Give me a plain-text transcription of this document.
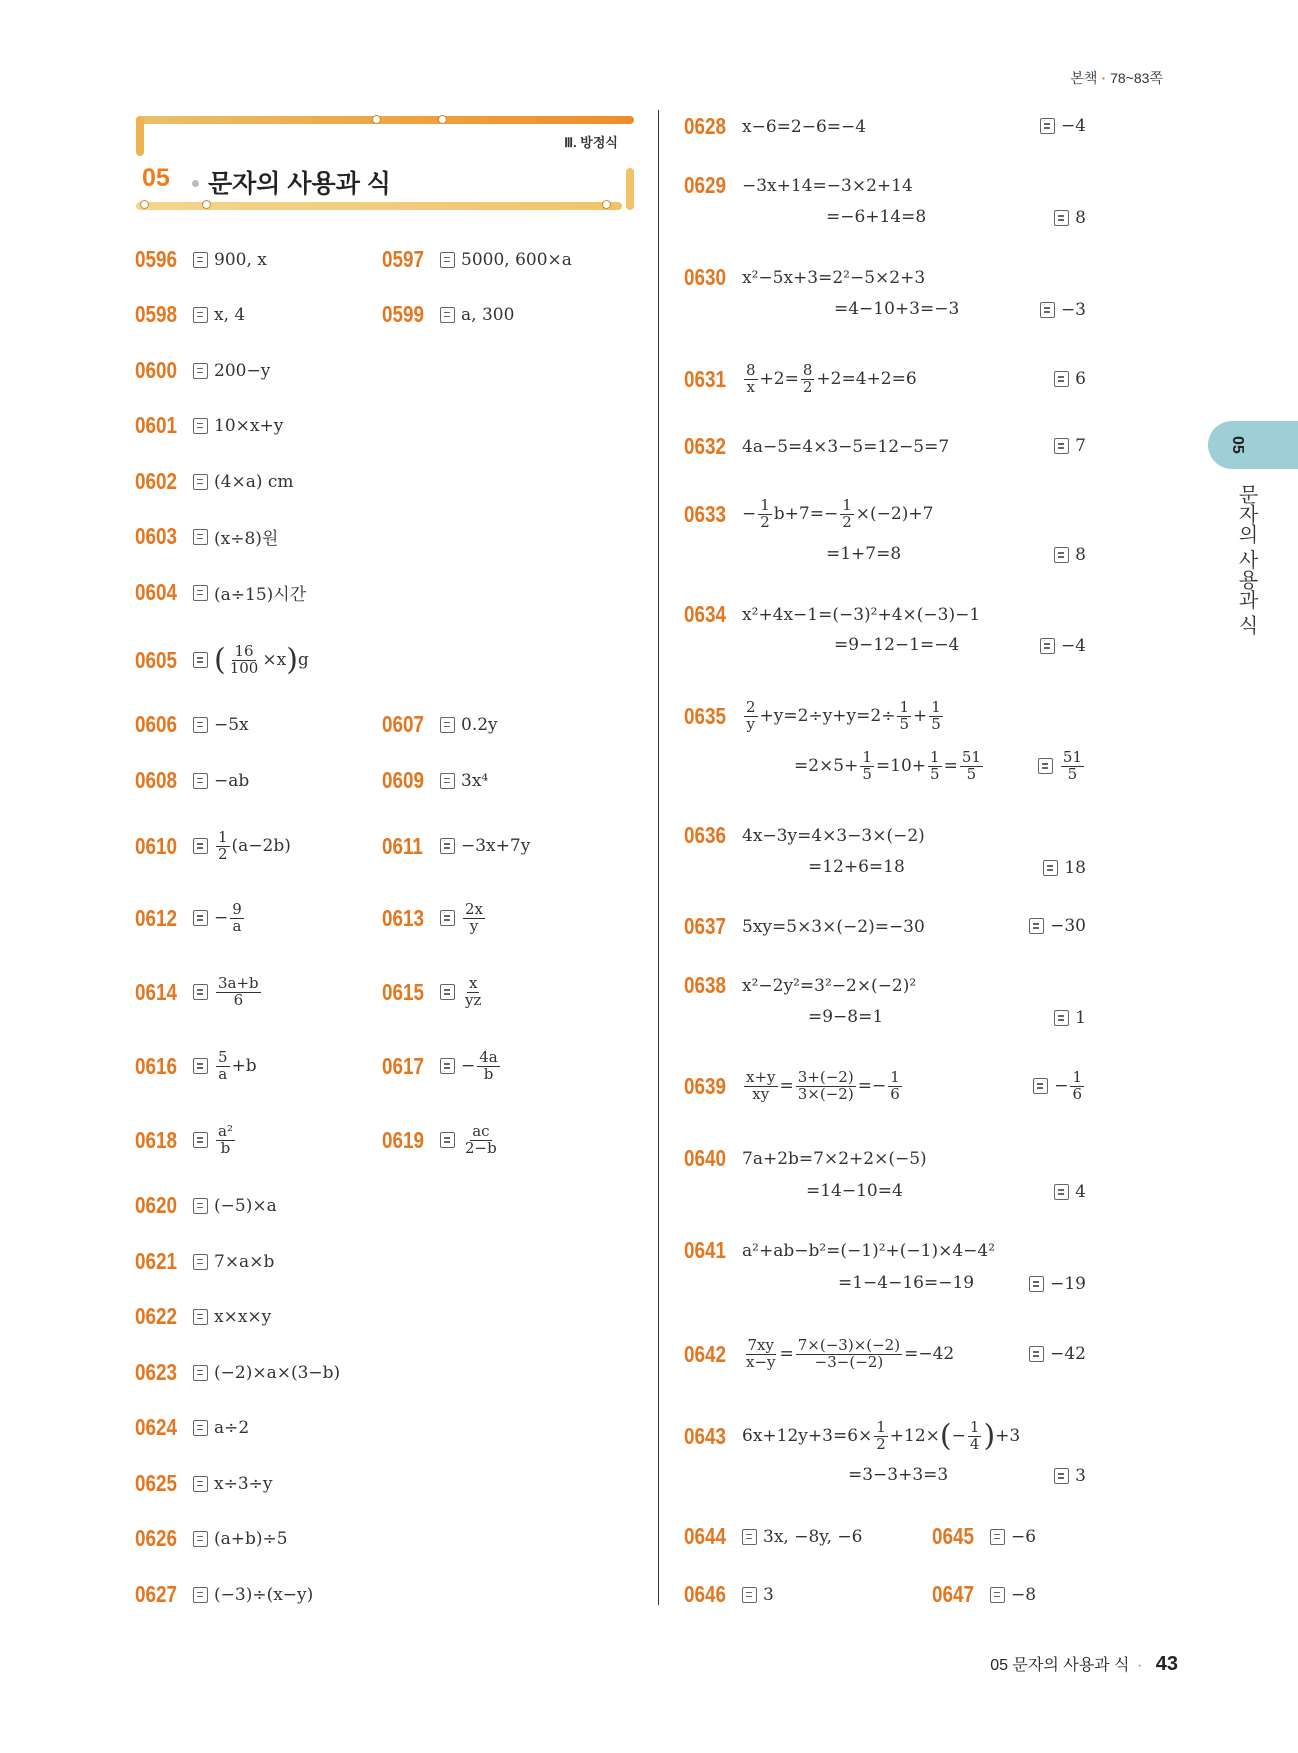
본책 · 78~83쪽
Ⅲ. 방정식
05 문자의 사용과 식
0596	900, x	0597	5000, 600×a
0598	x, 4	0599	a, 300
0600	200−y
0601	10×x+y
0602	(4×a) cm
0603	(x÷8)원
0604	(a÷15)시간
0605 ( $\frac{16}{100} \times x)g$
0606	−5x	0607	0.2y
0608	−ab	0609	3x⁴
0610	$\frac{1}{2} (a-2b)$	0611	−3x+7y
0612	− $\frac{9}{a}$	0613	$\frac{2x}{y}$
0614	$\frac{3a+b}{6}$	0615	$\frac{x}{yz}$
0616	$\frac{5}{a} +b$	0617	− $\frac{4a}{b}$
0618	$\frac{\text{a²}}{b}$	0619	$\frac{ac}{2-b}$
0620	(−5)×a
0621	7×a×b
0622	x×x×y
0623	(−2)×a×(3−b)
0624	a÷2
0625	x÷3÷y
0626	(a+b)÷5
0627	(−3)÷(x−y)
0628 x−6=2−6=−4	−4
0629 −3x+14=−3×2+14
=−6+14=8	8
0630 x²−5x+3=2²−5×2+3
=4−10+3=−3	−3
0631	$\frac{8}{x} +2= \frac{8}{2} +2=4+2=6$	6
0632 4a−5=4×3−5=12−5=7	7
$0633 - \frac{1}{2} b+7=- \frac{1}{2} \times(-2)+7$
=1+7=8	8
0634 x²+4x−1=(−3)²+4×(−3)−1
=9−12−1=−4	−4
0635	$\frac{2}{y} +y=2\div y+y=2\div \frac{1}{5} + \frac{1}{5}$
$=2\times 5+ \frac{1}{5} =10+ \frac{1}{5} = \frac{51}{5}$	$\frac{51}{5}$
0636 4x−3y=4×3−3×(−2)
=12+6=18	18
0637 5xy=5×3×(−2)=−30	−30
0638 x²−2y²=3²−2×(−2)²
=9−8=1	1
0639	$\frac{x+y}{xy} = \frac{3+(-2)}{3\times(-2)} =- \frac{1}{6}$	− $\frac{1}{6}$
0640 7a+2b=7×2+2×(−5)
=14−10=4	4
0641 a²+ab−b²=(−1)²+(−1)×4−4²
=1−4−16=−19	−19
0642	$\frac{7xy}{x-y} = \frac{7\times(-3)\times(-2)}{-3-(-2)} =-42$	−42
0643 $6x+12y+3=6\times \frac{1}{2} +12\times(- \frac{1}{4} )+3$
=3−3+3=3	3
0644	3x, −8y, −6	0645	−6
0646	3	0647	−8
05
문자의 사용과 식
05 문자의 사용과 식 · 43
